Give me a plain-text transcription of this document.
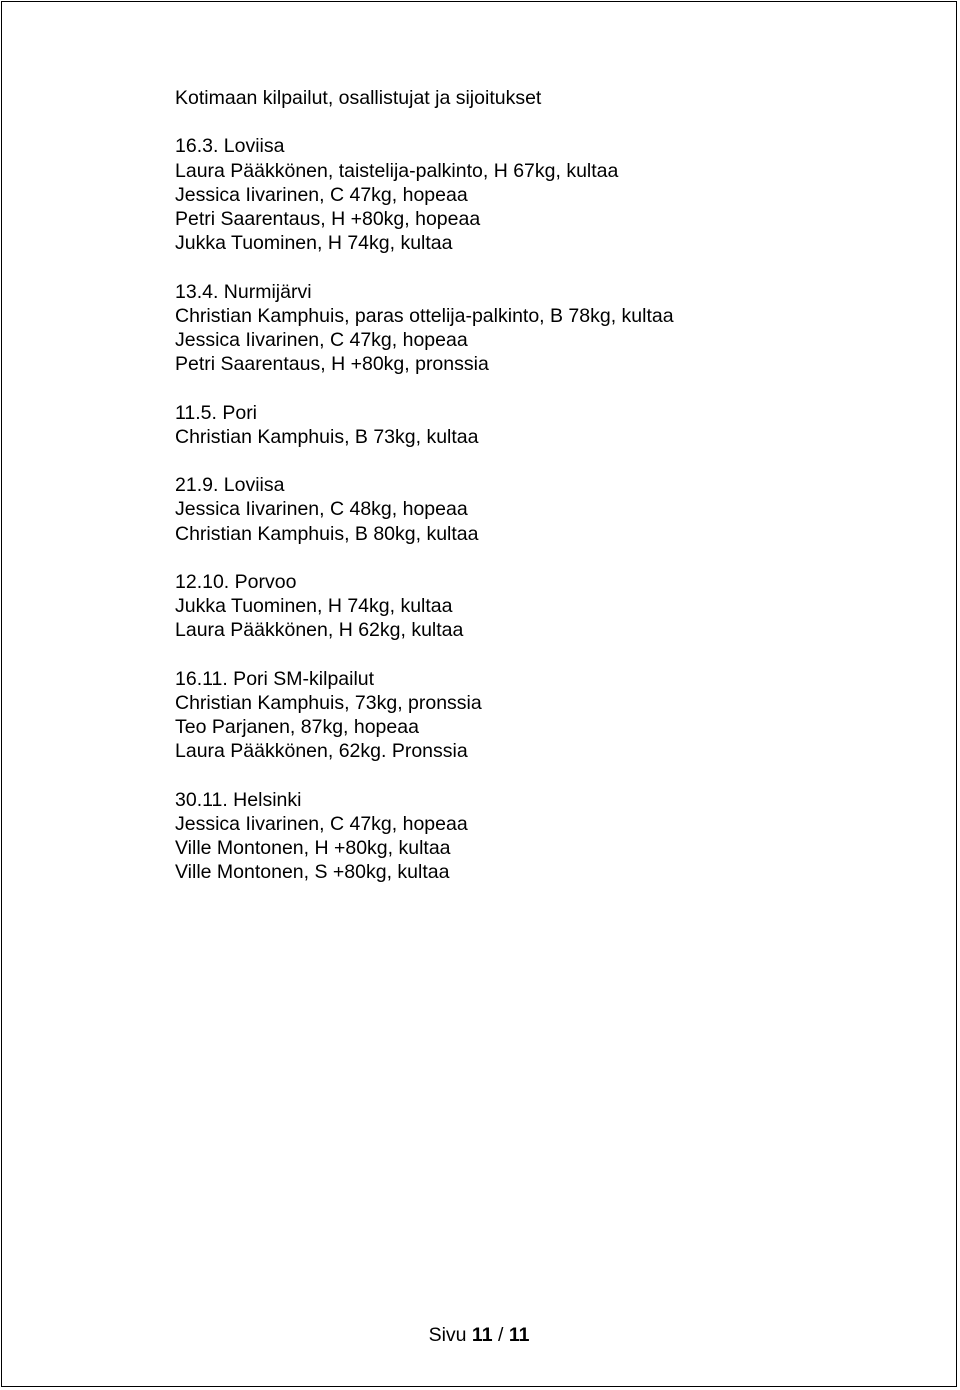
Kotimaan kilpailut, osallistujat ja sijoitukset
16.3. Loviisa
Laura Pääkkönen, taistelija-palkinto, H 67kg, kultaa
Jessica Iivarinen, C 47kg, hopeaa
Petri Saarentaus, H +80kg, hopeaa
Jukka Tuominen, H 74kg, kultaa
13.4. Nurmijärvi
Christian Kamphuis, paras ottelija-palkinto, B 78kg, kultaa
Jessica Iivarinen, C 47kg, hopeaa
Petri Saarentaus, H +80kg, pronssia
11.5. Pori
Christian Kamphuis, B 73kg, kultaa
21.9. Loviisa
Jessica Iivarinen, C 48kg, hopeaa
Christian Kamphuis, B 80kg, kultaa
12.10. Porvoo
Jukka Tuominen, H 74kg, kultaa
Laura Pääkkönen, H 62kg, kultaa
16.11. Pori SM-kilpailut
Christian Kamphuis, 73kg, pronssia
Teo Parjanen, 87kg, hopeaa
Laura Pääkkönen, 62kg. Pronssia
30.11. Helsinki
Jessica Iivarinen, C 47kg, hopeaa
Ville Montonen, H +80kg, kultaa
Ville Montonen, S +80kg, kultaa
Sivu 11 / 11
